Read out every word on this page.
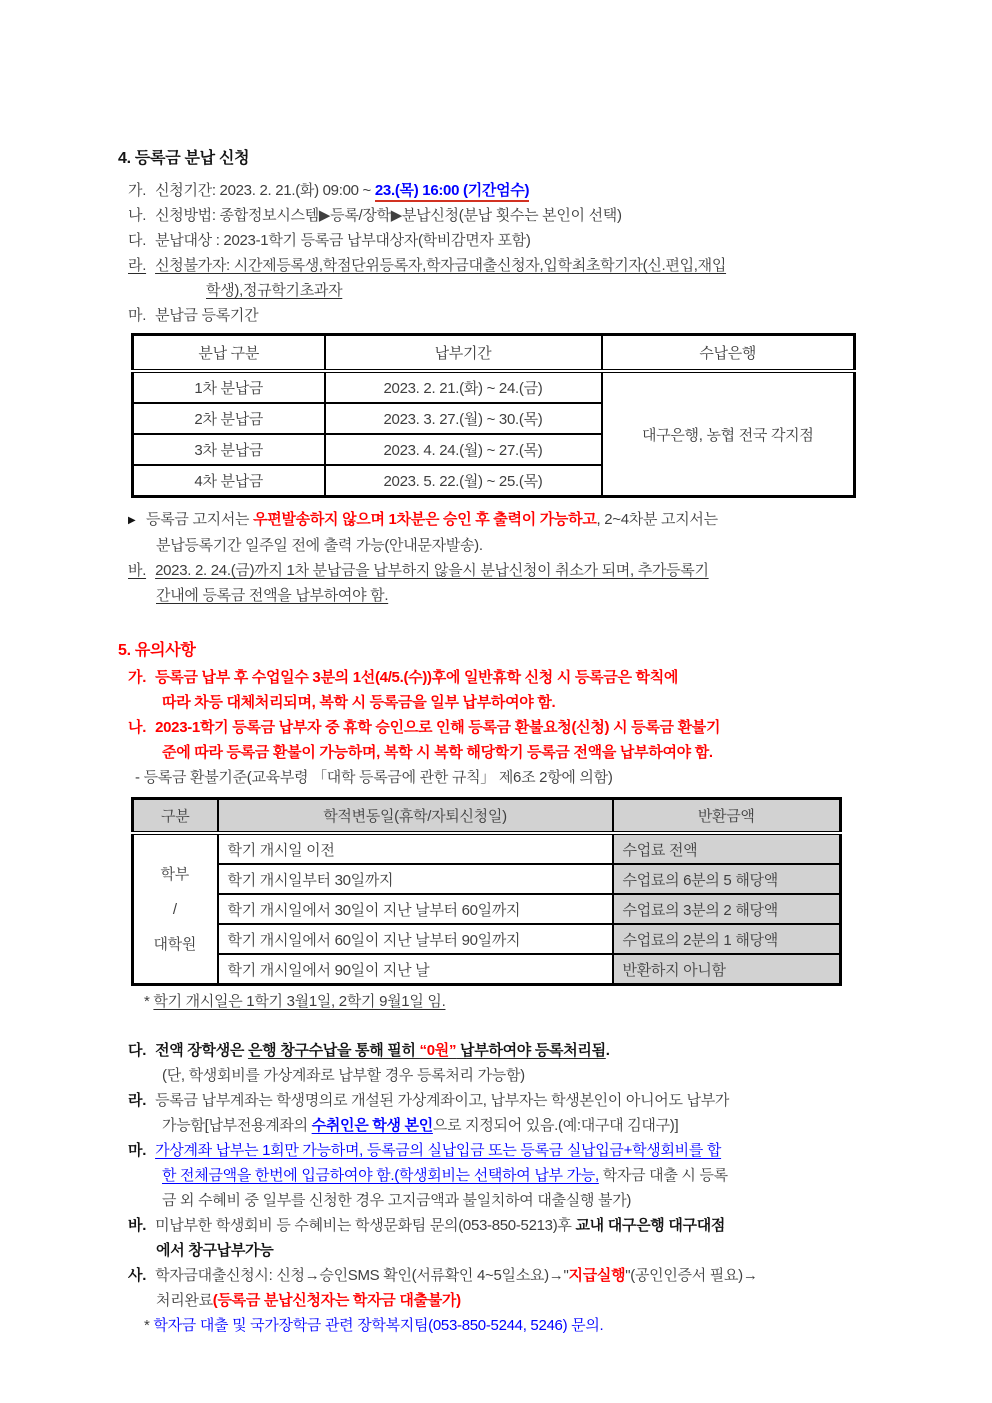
4. 등록금 분납 신청
가. 신청기간: 2023. 2. 21.(화) 09:00 ~ 23.(목) 16:00 (기간엄수)
나. 신청방법: 종합정보시스템▶등록/장학▶분납신청(분납 횟수는 본인이 선택)
다. 분납대상 : 2023-1학기 등록금 납부대상자(학비감면자 포함)
라. 신청불가자: 시간제등록생,학점단위등록자,학자금대출신청자,입학최초학기자(신.편입,재입
학생),정규학기초과자
마. 분납금 등록기간
분납 구분	납부기간	수납은행
1차 분납금	2023. 2. 21.(화) ~ 24.(금)	대구은행, 농협 전국 각지점
2차 분납금	2023. 3. 27.(월) ~ 30.(목)	
3차 분납금	2023. 4. 24.(월) ~ 27.(목)	
4차 분납금	2023. 5. 22.(월) ~ 25.(목)	
▶ 등록금 고지서는 우편발송하지 않으며 1차분은 승인 후 출력이 가능하고, 2~4차분 고지서는
분납등록기간 일주일 전에 출력 가능(안내문자발송).
바. 2023. 2. 24.(금)까지 1차 분납금을 납부하지 않을시 분납신청이 취소가 되며, 추가등록기
간내에 등록금 전액을 납부하여야 함.
5. 유의사항
가. 등록금 납부 후 수업일수 3분의 1선(4/5.(수))후에 일반휴학 신청 시 등록금은 학칙에
따라 차등 대체처리되며, 복학 시 등록금을 일부 납부하여야 함.
나. 2023-1학기 등록금 납부자 중 휴학 승인으로 인해 등록금 환불요청(신청) 시 등록금 환불기
준에 따라 등록금 환불이 가능하며, 복학 시 복학 해당학기 등록금 전액을 납부하여야 함.
- 등록금 환불기준(교육부령 「대학 등록금에 관한 규칙」 제6조 2항에 의함)
구분	학적변동일(휴학/자퇴신청일)	반환금액

학부
/
대학원	학기 개시일 이전	수업료 전액
	학기 개시일부터 30일까지	수업료의 6분의 5 해당액
	학기 개시일에서 30일이 지난 날부터 60일까지	수업료의 3분의 2 해당액
	학기 개시일에서 60일이 지난 날부터 90일까지	수업료의 2분의 1 해당액
	학기 개시일에서 90일이 지난 날	반환하지 아니함
* 학기 개시일은 1학기 3월1일, 2학기 9월1일 임.
다. 전액 장학생은 은행 창구수납을 통해 필히 “0원” 납부하여야 등록처리됨.
(단, 학생회비를 가상계좌로 납부할 경우 등록처리 가능함)
라. 등록금 납부계좌는 학생명의로 개설된 가상계좌이고, 납부자는 학생본인이 아니어도 납부가
가능함[납부전용계좌의 수취인은 학생 본인으로 지정되어 있음.(예:대구대 김대구)]
마. 가상계좌 납부는 1회만 가능하며, 등록금의 실납입금 또는 등록금 실납입금+학생회비를 합
한 전체금액을 한번에 입금하여야 함.(학생회비는 선택하여 납부 가능, 학자금 대출 시 등록
금 외 수혜비 중 일부를 신청한 경우 고지금액과 불일치하여 대출실행 불가)
바. 미납부한 학생회비 등 수혜비는 학생문화팀 문의(053-850-5213)후 교내 대구은행 대구대점
에서 창구납부가능
사. 학자금대출신청시: 신청→승인SMS 확인(서류확인 4~5일소요)→"지급실행"(공인인증서 필요)→
처리완료(등록금 분납신청자는 학자금 대출불가)
* 학자금 대출 및 국가장학금 관련 장학복지팀(053-850-5244, 5246) 문의.
